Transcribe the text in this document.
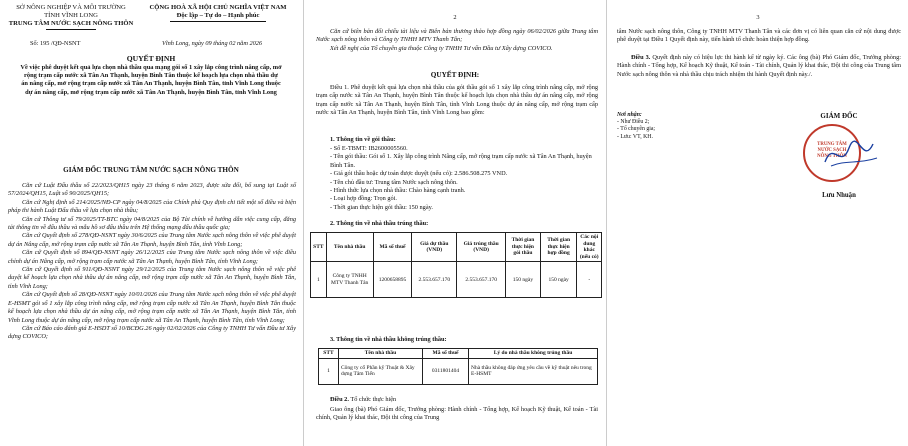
SỞ NÔNG NGHIỆP VÀ MÔI TRƯỜNG
TỈNH VĨNH LONG
TRUNG TÂM NƯỚC SẠCH NÔNG THÔN
CỘNG HOÀ XÃ HỘI CHỦ NGHĨA VIỆT NAM
Độc lập – Tự do – Hạnh phúc
Số: 195 /QĐ-NSNT	Vĩnh Long, ngày 09 tháng 02 năm 2026
QUYẾT ĐỊNH
Về việc phê duyệt kết quả lựa chọn nhà thầu qua mạng gói số 1 xây lắp công trình nâng cấp, mở rộng trạm cấp nước xã Tân An Thạnh, huyện Bình Tân thuộc kế hoạch lựa chọn nhà thầu dự án nâng cấp, mở rộng trạm cấp nước xã Tân An Thạnh, huyện Bình Tân, tỉnh Vĩnh Long thuộc dự án nâng cấp, mở rộng trạm cấp nước xã Tân An Thạnh, huyện Bình Tân, tỉnh Vĩnh Long
GIÁM ĐỐC TRUNG TÂM NƯỚC SẠCH NÔNG THÔN

Căn cứ Luật Đấu thầu số 22/2023/QH15 ngày 23 tháng 6 năm 2023, được sửa đổi, bổ sung tại Luật số 57/2024/QH15, Luật số 90/2025/QH15;

Căn cứ Nghị định số 214/2025/NĐ-CP ngày 04/8/2025 của Chính phủ Quy định chi tiết một số điều và biện pháp thi hành Luật Đấu thầu về lựa chọn nhà thầu;

Căn cứ Thông tư số 79/2025/TT-BTC ngày 04/8/2025 của Bộ Tài chính về hướng dẫn việc cung cấp, đăng tải thông tin về đấu thầu và mẫu hồ sơ đấu thầu trên Hệ thống mạng đấu thầu quốc gia;

Căn cứ Quyết định số 278/QĐ-NSNT ngày 30/6/2025 của Trung tâm Nước sạch nông thôn về việc phê duyệt dự án Nâng cấp, mở rộng trạm cấp nước xã Tân An Thạnh, huyện Bình Tân, tỉnh Vĩnh Long;

Căn cứ Quyết định số 894/QĐ-NSNT ngày 26/12/2025 của Trung tâm Nước sạch nông thôn về việc điều chỉnh dự án Nâng cấp, mở rộng trạm cấp nước xã Tân An Thạnh, huyện Bình Tân, tỉnh Vĩnh Long;

Căn cứ Quyết định số 911/QĐ-NSNT ngày 29/12/2025 của Trung tâm Nước sạch nông thôn về việc phê duyệt kế hoạch lựa chọn nhà thầu dự án nâng cấp, mở rộng trạm cấp nước xã Tân An Thạnh, huyện Bình Tân, tỉnh Vĩnh Long;

Căn cứ Quyết định số 28/QĐ-NSNT ngày 10/01/2026 của Trung tâm Nước sạch nông thôn về việc phê duyệt E-HSMT gói số 1 xây lắp công trình nâng cấp, mở rộng trạm cấp nước xã Tân An Thạnh, huyện Bình Tân thuộc kế hoạch lựa chọn nhà thầu dự án nâng cấp, mở rộng trạm cấp nước xã Tân An Thạnh, huyện Bình Tân, tỉnh Vĩnh Long thuộc dự án nâng cấp, mở rộng trạm cấp nước xã Tân An Thạnh, huyện Bình Tân, tỉnh Vĩnh Long;

Căn cứ Báo cáo đánh giá E-HSDT số 10/BCĐG.26 ngày 02/02/2026 của Công ty TNHH Tư vấn Đầu tư Xây dựng COVICO;

2

Căn cứ biên bản đối chiếu tài liệu và Biên bản thương thảo hợp đồng ngày 06/02/2026 giữa Trung tâm Nước sạch nông thôn và Công ty TNHH MTV Thanh Tân;

Xét đề nghị của Tổ chuyên gia thuộc Công ty TNHH Tư vấn Đầu tư Xây dựng COVICO.

QUYẾT ĐỊNH:
Điều 1. Phê duyệt kết quả lựa chọn nhà thầu của gói thầu gói số 1 xây lắp công trình nâng cấp, mở rộng trạm cấp nước xã Tân An Thạnh, huyện Bình Tân thuộc kế hoạch lựa chọn nhà thầu dự án nâng cấp, mở rộng trạm cấp nước xã Tân An Thạnh, huyện Bình Tân, tỉnh Vĩnh Long thuộc dự án nâng cấp, mở rộng trạm cấp nước xã Tân An Thạnh, huyện Bình Tân, tỉnh Vĩnh Long bao gồm:
1. Thông tin về gói thầu:
- Số E-TBMT: IB2600005560.
- Tên gói thầu: Gói số 1. Xây lắp công trình Nâng cấp, mở rộng trạm cấp nước xã Tân An Thạnh, huyện Bình Tân.
- Giá gói thầu hoặc dự toán được duyệt (nếu có): 2.586.508.275 VND.
- Tên chủ đầu tư: Trung tâm Nước sạch nông thôn.
- Hình thức lựa chọn nhà thầu: Chào hàng cạnh tranh.
- Loại hợp đồng: Trọn gói.
- Thời gian thực hiện gói thầu: 150 ngày.
2. Thông tin về nhà thầu trúng thầu:
STT	Tên nhà thầu	Mã số thuế	Giá dự thầu (VND)	Giá trúng thầu (VND)	Thời gian thực hiện gói thầu	Thời gian thực hiện hợp đồng	Các nội dung khác (nếu có)
1	Công ty TNHH MTV Thanh Tân	1200658895	2.553.657.170	2.553.657.170	150 ngày	150 ngày	-
3. Thông tin về nhà thầu không trúng thầu:
STT	Tên nhà thầu	Mã số thuế	Lý do nhà thầu không trúng thầu
1	Công ty cổ Phần kỹ Thuật & Xây dựng Tâm Tiến	0311801404	Nhà thầu không đáp ứng yêu cầu về kỹ thuật nêu trong E-HSMT
Điều 2. Tổ chức thực hiện
Giao ông (bà) Phó Giám đốc, Trưởng phòng: Hành chính - Tổng hợp, Kế hoạch Kỹ thuật, Kế toán - Tài chính, Quản lý khai thác, Đội thi công của Trung
3
tâm Nước sạch nông thôn, Công ty TNHH MTV Thanh Tân và các đơn vị có liên quan căn cứ nội dung được phê duyệt tại Điều 1 Quyết định này, tiến hành tổ chức hoàn thiện hợp đồng.
Điều 3. Quyết định này có hiệu lực thi hành kể từ ngày ký. Các ông (bà) Phó Giám đốc, Trưởng phòng: Hành chính - Tổng hợp, Kế hoạch Kỹ thuật, Kế toán - Tài chính, Quản lý khai thác, Đội thi công của Trung tâm Nước sạch nông thôn và nhà thầu chịu trách nhiệm thi hành Quyết định này./.
Nơi nhận:
- Như Điều 2;
- Tổ chuyên gia;
- Lưu: VT, KH.
GIÁM ĐỐC
TRUNG TÂM NƯỚC SẠCH NÔNG THÔN
Lưu Nhuận
